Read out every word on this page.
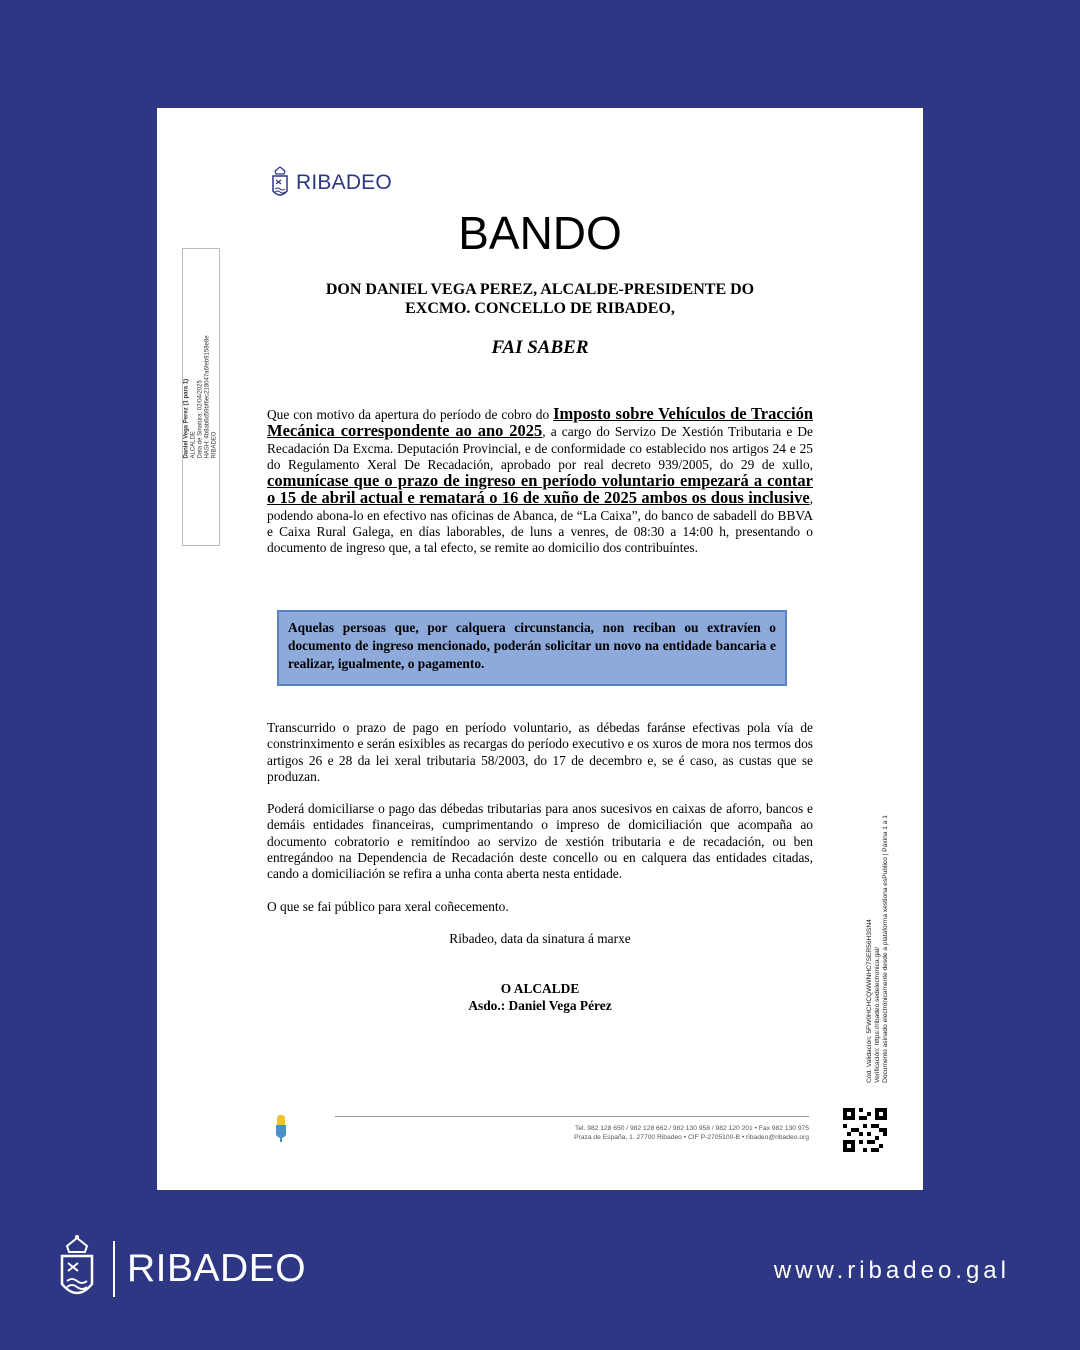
RIBADEO
Daniel Vega Perez (1 para 1) ALCALDE Data de Sinatura: 02/04/2025 HASH: 4b8ab6d59bf6ec218047a6feb9158e8e RIBADEO
BANDO
DON DANIEL VEGA PEREZ, ALCALDE-PRESIDENTE DO
EXCMO. CONCELLO DE RIBADEO,
FAI SABER
Que con motivo da apertura do período de cobro do Imposto sobre Vehículos de Tracción Mecánica correspondente ao ano 2025, a cargo do Servizo De Xestión Tributaria e De Recadación Da Excma. Deputación Provincial, e de conformidade co establecido nos artigos 24 e 25 do Regulamento Xeral De Recadación, aprobado por real decreto 939/2005, do 29 de xullo, comunícase que o prazo de ingreso en período voluntario empezará a contar o 15 de abril actual e rematará o 16 de xuño de 2025 ambos os dous inclusive, podendo abona-lo en efectivo nas oficinas de Abanca, de “La Caixa”, do banco de sabadell do BBVA e Caixa Rural Galega, en días laborables, de luns a venres, de 08:30 a 14:00 h, presentando o documento de ingreso que, a tal efecto, se remite ao domicilio dos contribuíntes.
Aquelas persoas que, por calquera circunstancia, non reciban ou extravíen o documento de ingreso mencionado, poderán solicitar un novo na entidade bancaria e realizar, igualmente, o pagamento.
Transcurrido o prazo de pago en período voluntario, as débedas faránse efectivas pola vía de constrinximento e serán esixibles as recargas do período executivo e os xuros de mora nos termos dos artigos 26 e 28 da lei xeral tributaria 58/2003, do 17 de decembro e, se é caso, as custas que se produzan.
Poderá domiciliarse o pago das débedas tributarias para anos sucesivos en caixas de aforro, bancos e demáis entidades financeiras, cumprimentando o impreso de domiciliación que acompaña ao documento cobratorio e remitíndoo ao servizo de xestión tributaria e de recadación, ou ben entregándoo na Dependencia de Recadación deste concello ou en calquera das entidades citadas, cando a domiciliación se refira a unha conta aberta nesta entidade.
O que se fai público para xeral coñecemento.
Ribadeo, data da sinatura á marxe
O ALCALDE
Asdo.: Daniel Vega Pérez	Cód. Validación: 5FW0HCHCQWWNHC7SER56H3SN4 Verificación: https://ribadeo.sedelectronica.gal/ Documento asinado electrónicamente desde a plataforma xestiona esPublico | Páxina 1 a 1
Tel. 982 128 650 / 982 128 662 / 982 130 958 / 982 120 201 • Fax 982 130 975
Praza de España, 1. 27700 Ribadeo • CIF P-2705100-B • ribadeo@ribadeo.org
RIBADEO	www.ribadeo.gal
